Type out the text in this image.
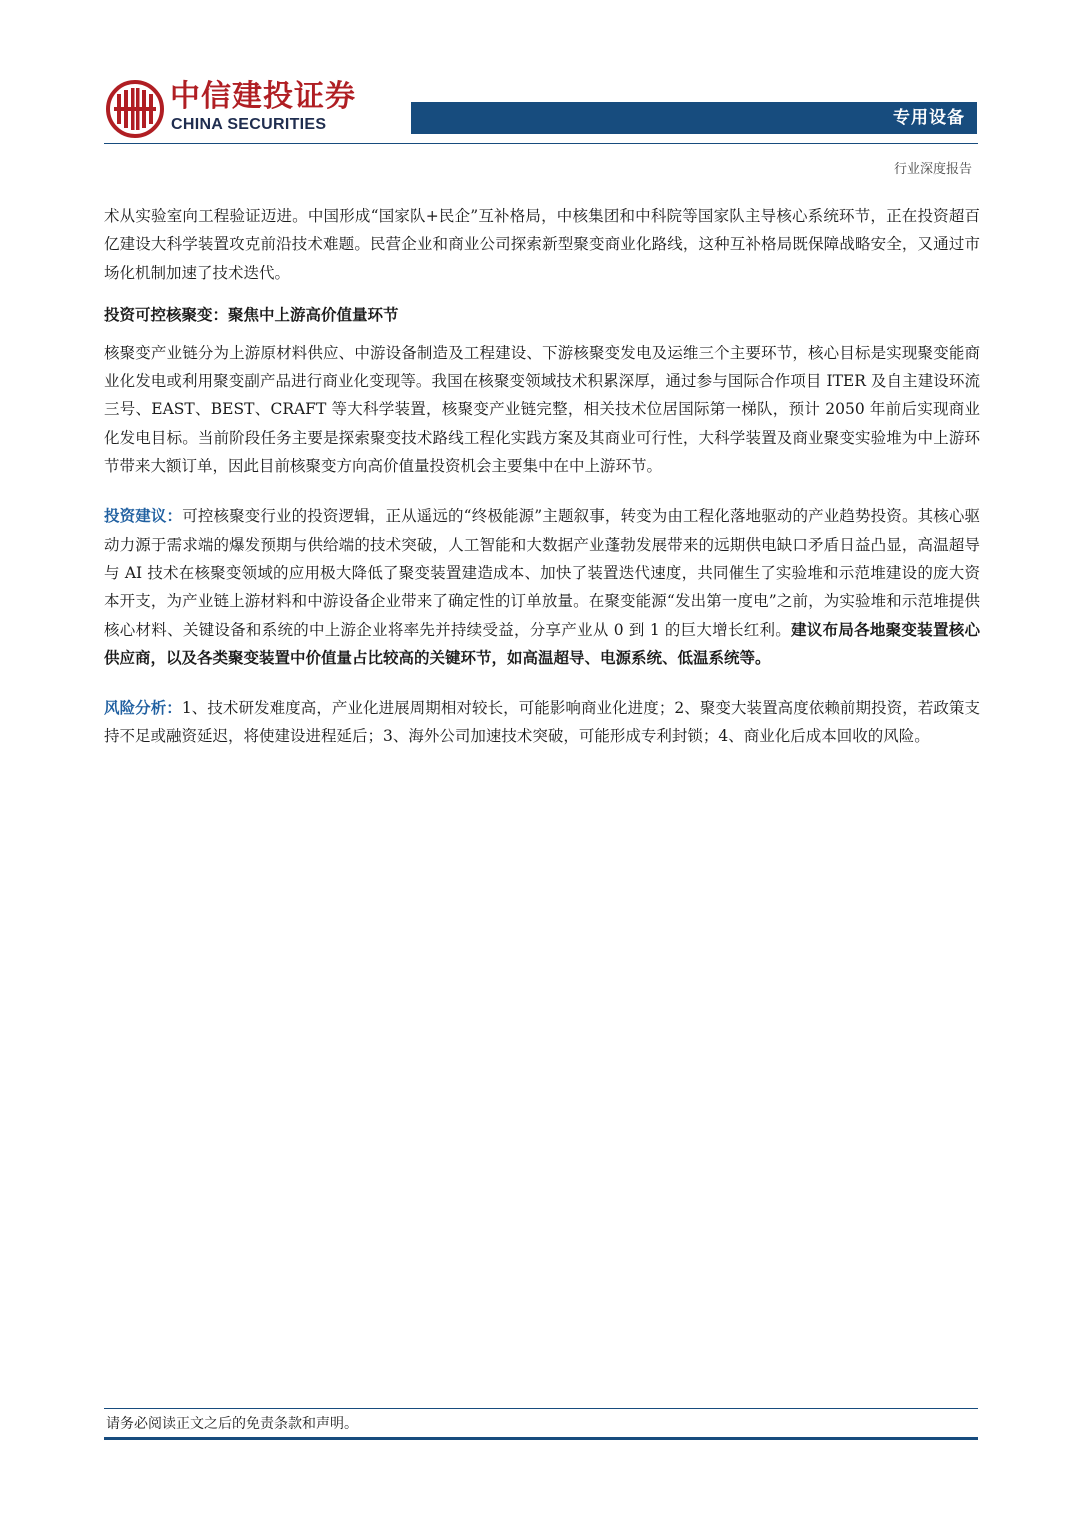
中信建投证券
CHINA SECURITIES	专用设备
行业深度报告

术从实验室向工程验证迈进。中国形成“国家队+民企”互补格局，中核集团和中科院等国家队主导核心系统环节，正在投资超百亿建设大科学装置攻克前沿技术难题。民营企业和商业公司探索新型聚变商业化路线，这种互补格局既保障战略安全，又通过市场化机制加速了技术迭代。

投资可控核聚变：聚焦中上游高价值量环节

核聚变产业链分为上游原材料供应、中游设备制造及工程建设、下游核聚变发电及运维三个主要环节，核心目标是实现聚变能商业化发电或利用聚变副产品进行商业化变现等。我国在核聚变领域技术积累深厚，通过参与国际合作项目 ITER 及自主建设环流三号、EAST、BEST、CRAFT 等大科学装置，核聚变产业链完整，相关技术位居国际第一梯队，预计 2050 年前后实现商业化发电目标。当前阶段任务主要是探索聚变技术路线工程化实践方案及其商业可行性，大科学装置及商业聚变实验堆为中上游环节带来大额订单，因此目前核聚变方向高价值量投资机会主要集中在中上游环节。

投资建议：可控核聚变行业的投资逻辑，正从遥远的“终极能源”主题叙事，转变为由工程化落地驱动的产业趋势投资。其核心驱动力源于需求端的爆发预期与供给端的技术突破，人工智能和大数据产业蓬勃发展带来的远期供电缺口矛盾日益凸显，高温超导与 AI 技术在核聚变领域的应用极大降低了聚变装置建造成本、加快了装置迭代速度，共同催生了实验堆和示范堆建设的庞大资本开支，为产业链上游材料和中游设备企业带来了确定性的订单放量。在聚变能源“发出第一度电”之前，为实验堆和示范堆提供核心材料、关键设备和系统的中上游企业将率先并持续受益，分享产业从 0 到 1 的巨大增长红利。建议布局各地聚变装置核心供应商，以及各类聚变装置中价值量占比较高的关键环节，如高温超导、电源系统、低温系统等。

风险分析：1、技术研发难度高，产业化进展周期相对较长，可能影响商业化进度；2、聚变大装置高度依赖前期投资，若政策支持不足或融资延迟，将使建设进程延后；3、海外公司加速技术突破，可能形成专利封锁；4、商业化后成本回收的风险。

请务必阅读正文之后的免责条款和声明。
